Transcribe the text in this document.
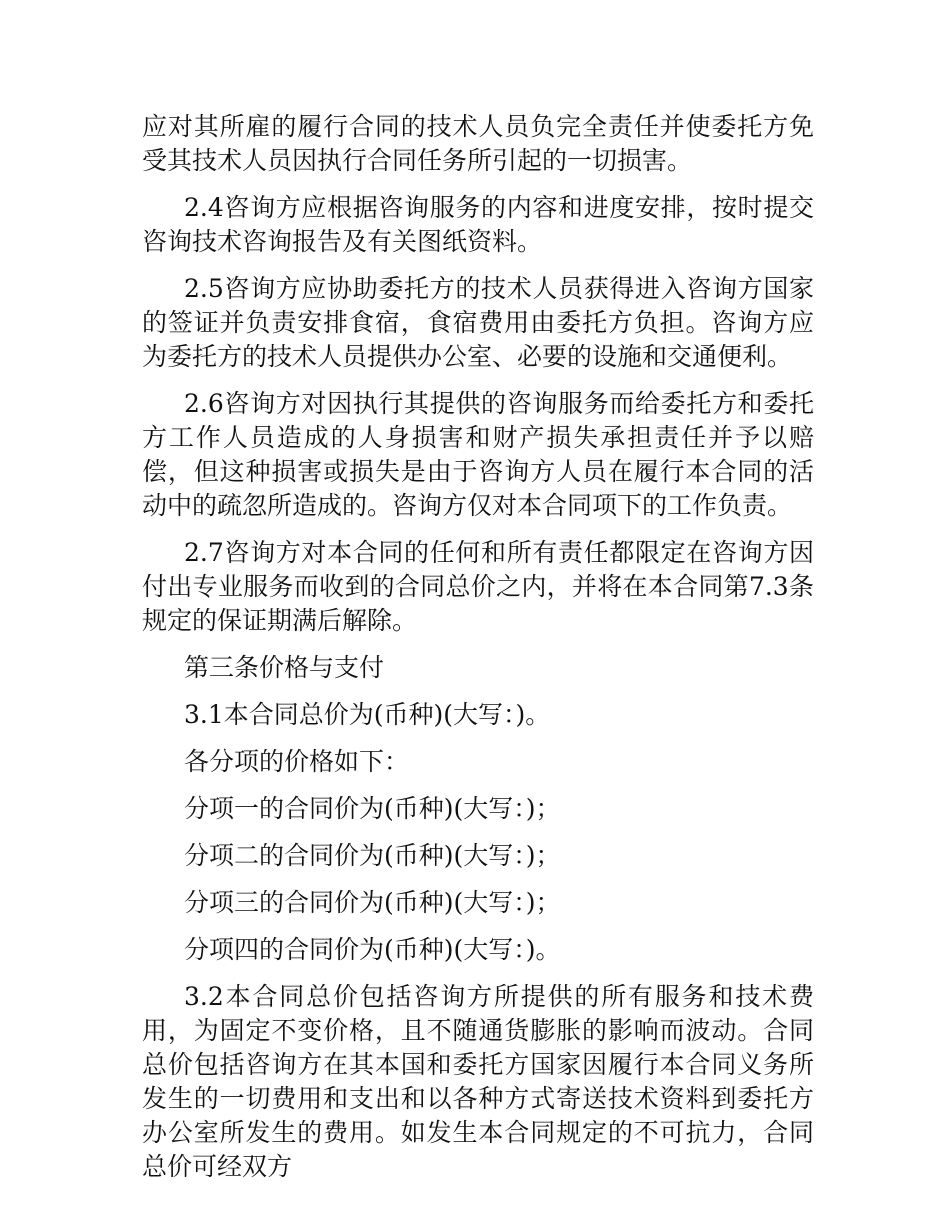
应对其所雇的履行合同的技术人员负完全责任并使委托方免受其技术人员因执行合同任务所引起的一切损害。

2.4咨询方应根据咨询服务的内容和进度安排，按时提交咨询技术咨询报告及有关图纸资料。

2.5咨询方应协助委托方的技术人员获得进入咨询方国家的签证并负责安排食宿，食宿费用由委托方负担。咨询方应为委托方的技术人员提供办公室、必要的设施和交通便利。

2.6咨询方对因执行其提供的咨询服务而给委托方和委托方工作人员造成的人身损害和财产损失承担责任并予以赔偿，但这种损害或损失是由于咨询方人员在履行本合同的活动中的疏忽所造成的。咨询方仅对本合同项下的工作负责。

2.7咨询方对本合同的任何和所有责任都限定在咨询方因付出专业服务而收到的合同总价之内，并将在本合同第7.3条规定的保证期满后解除。

第三条价格与支付

3.1本合同总价为(币种)(大写：)。

各分项的价格如下：

分项一的合同价为(币种)(大写：)；

分项二的合同价为(币种)(大写：)；

分项三的合同价为(币种)(大写：)；

分项四的合同价为(币种)(大写：)。

3.2本合同总价包括咨询方所提供的所有服务和技术费用，为固定不变价格，且不随通货膨胀的影响而波动。合同总价包括咨询方在其本国和委托方国家因履行本合同义务所发生的一切费用和支出和以各种方式寄送技术资料到委托方办公室所发生的费用。如发生本合同规定的不可抗力，合同总价可经双方
